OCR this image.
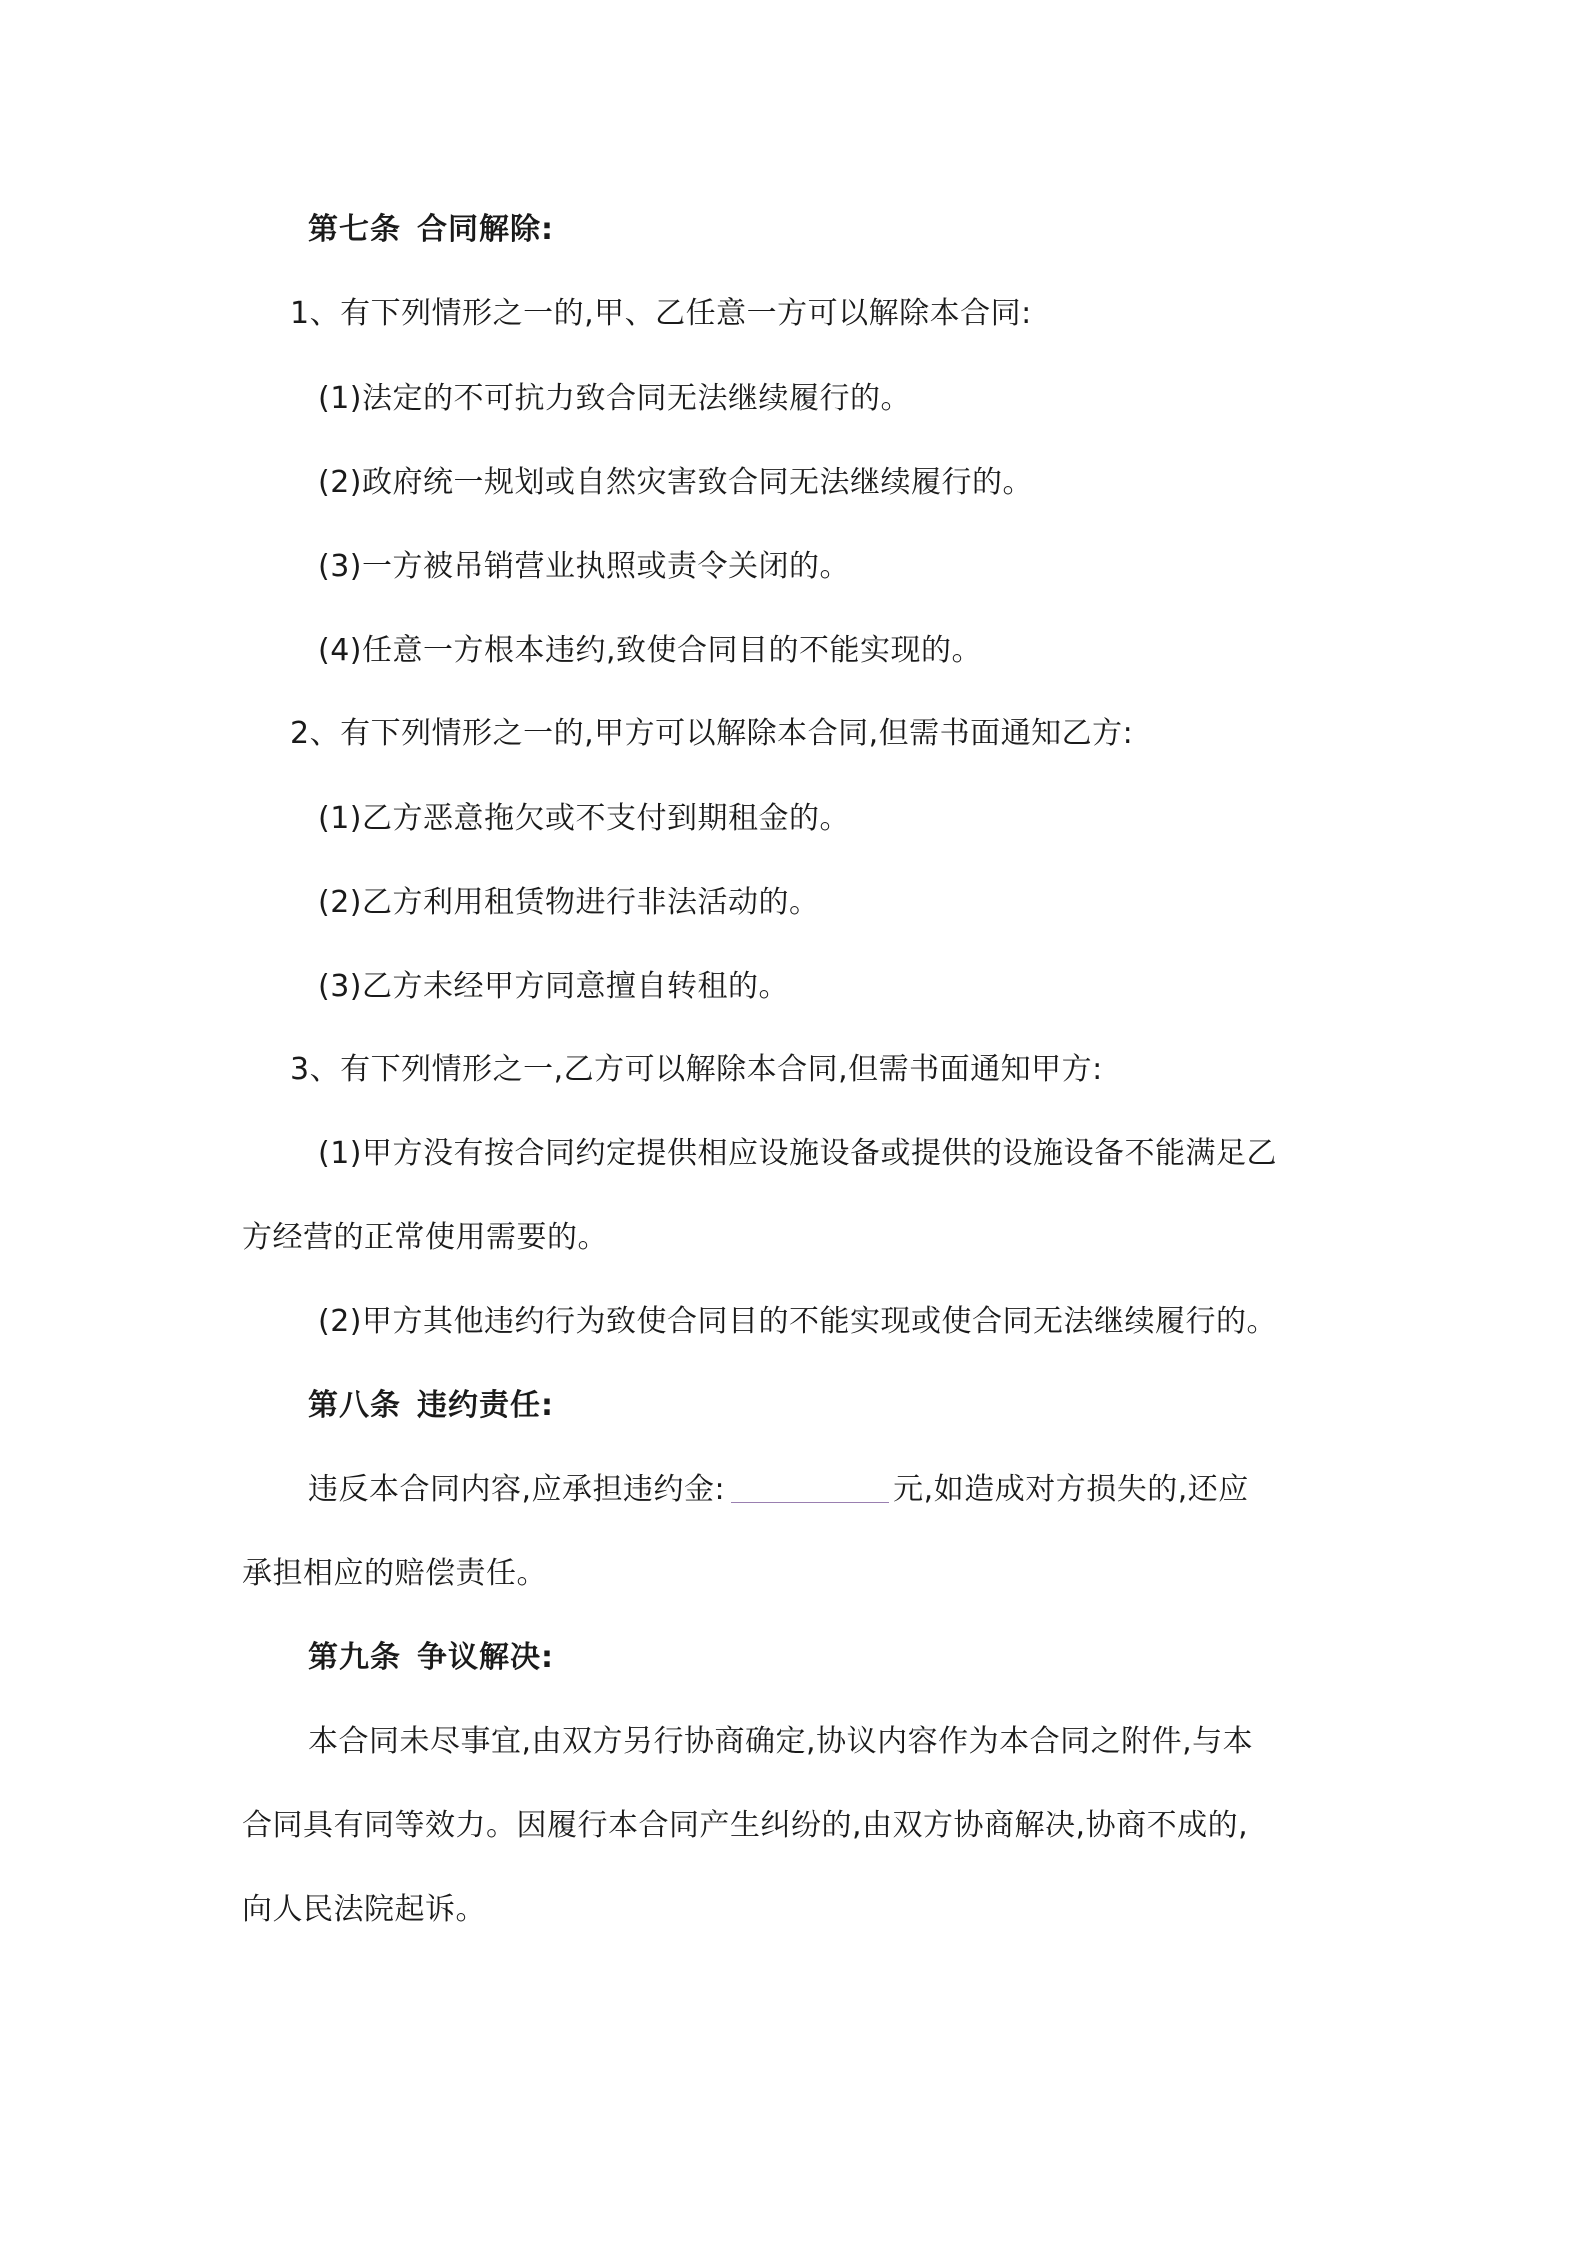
第七条 合同解除:
1、有下列情形之一的,甲、乙任意一方可以解除本合同:
(1)法定的不可抗力致合同无法继续履行的。
(2)政府统一规划或自然灾害致合同无法继续履行的。
(3)一方被吊销营业执照或责令关闭的。
(4)任意一方根本违约,致使合同目的不能实现的。
2、有下列情形之一的,甲方可以解除本合同,但需书面通知乙方:
(1)乙方恶意拖欠或不支付到期租金的。
(2)乙方利用租赁物进行非法活动的。
(3)乙方未经甲方同意擅自转租的。
3、有下列情形之一,乙方可以解除本合同,但需书面通知甲方:
(1)甲方没有按合同约定提供相应设施设备或提供的设施设备不能满足乙
方经营的正常使用需要的。
(2)甲方其他违约行为致使合同目的不能实现或使合同无法继续履行的。
第八条 违约责任:
违反本合同内容,应承担违约金:	元,如造成对方损失的,还应
承担相应的赔偿责任。
第九条 争议解决:
本合同未尽事宜,由双方另行协商确定,协议内容作为本合同之附件,与本
合同具有同等效力。因履行本合同产生纠纷的,由双方协商解决,协商不成的,
向人民法院起诉。
